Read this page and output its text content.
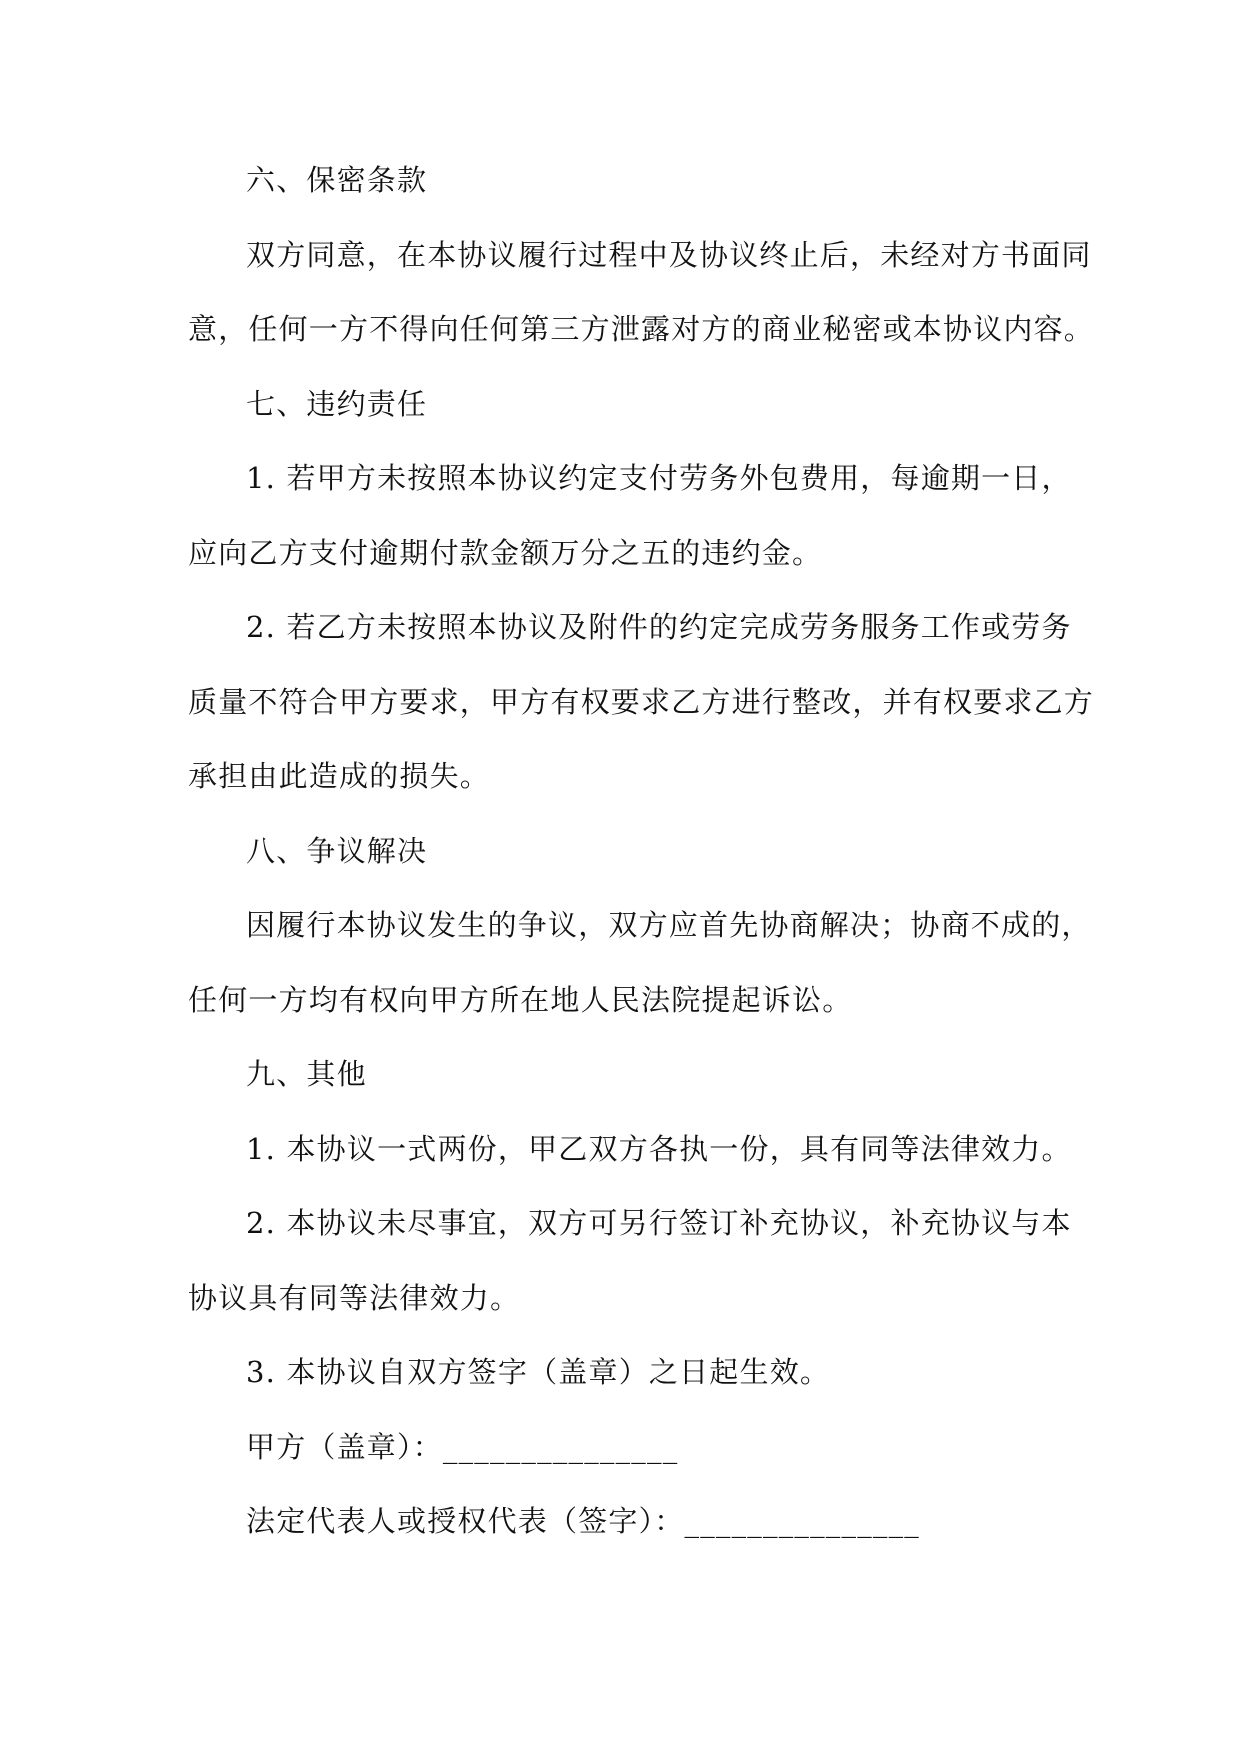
六、保密条款

双方同意，在本协议履行过程中及协议终止后，未经对方书面同

意，任何一方不得向任何第三方泄露对方的商业秘密或本协议内容。

七、违约责任

1. 若甲方未按照本协议约定支付劳务外包费用，每逾期一日，

应向乙方支付逾期付款金额万分之五的违约金。

2. 若乙方未按照本协议及附件的约定完成劳务服务工作或劳务

质量不符合甲方要求，甲方有权要求乙方进行整改，并有权要求乙方

承担由此造成的损失。

八、争议解决

因履行本协议发生的争议，双方应首先协商解决；协商不成的，

任何一方均有权向甲方所在地人民法院提起诉讼。

九、其他

1. 本协议一式两份，甲乙双方各执一份，具有同等法律效力。

2. 本协议未尽事宜，双方可另行签订补充协议，补充协议与本

协议具有同等法律效力。

3. 本协议自双方签字（盖章）之日起生效。

甲方（盖章）：_______________

法定代表人或授权代表（签字）：_______________
